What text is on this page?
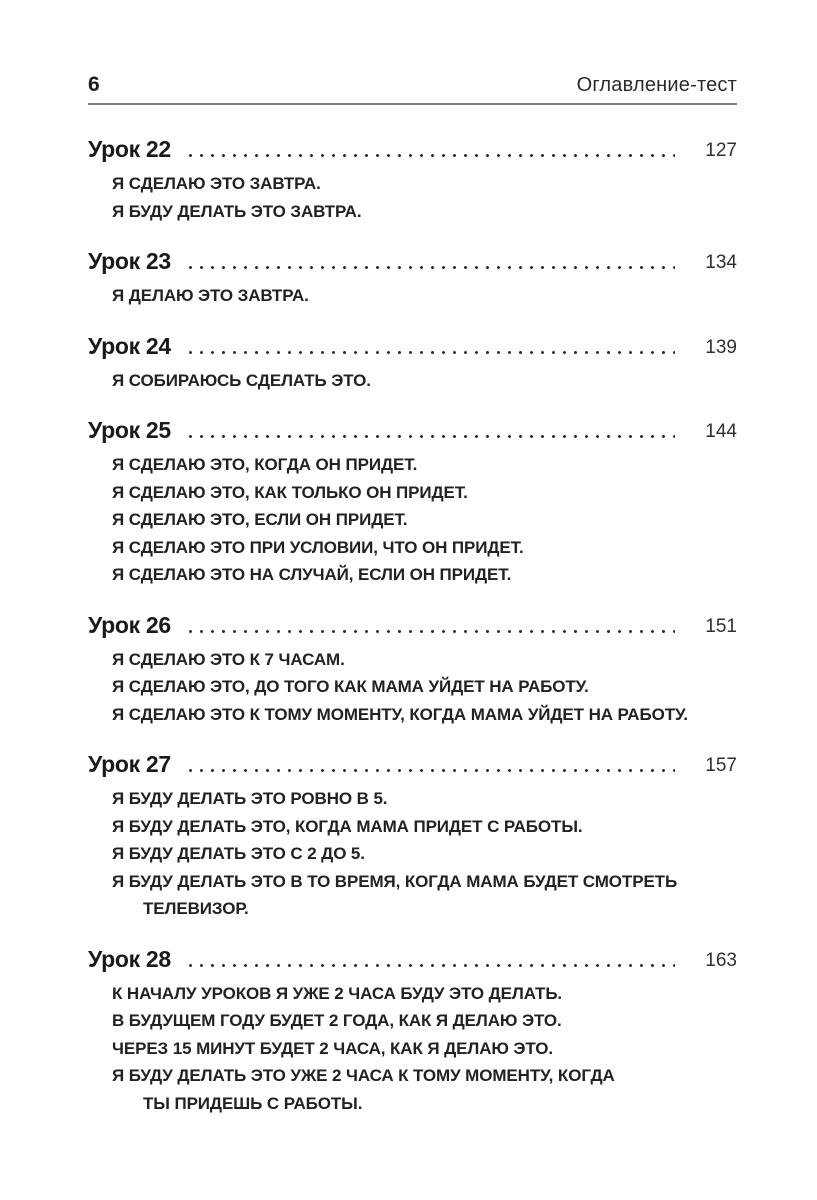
6	Оглавление-тест
Урок 22	127
Я СДЕЛАЮ ЭТО ЗАВТРА.
Я БУДУ ДЕЛАТЬ ЭТО ЗАВТРА.
Урок 23	134
Я ДЕЛАЮ ЭТО ЗАВТРА.
Урок 24	139
Я СОБИРАЮСЬ СДЕЛАТЬ ЭТО.
Урок 25	144
Я СДЕЛАЮ ЭТО, КОГДА ОН ПРИДЕТ.
Я СДЕЛАЮ ЭТО, КАК ТОЛЬКО ОН ПРИДЕТ.
Я СДЕЛАЮ ЭТО, ЕСЛИ ОН ПРИДЕТ.
Я СДЕЛАЮ ЭТО ПРИ УСЛОВИИ, ЧТО ОН ПРИДЕТ.
Я СДЕЛАЮ ЭТО НА СЛУЧАЙ, ЕСЛИ ОН ПРИДЕТ.
Урок 26	151
Я СДЕЛАЮ ЭТО К 7 ЧАСАМ.
Я СДЕЛАЮ ЭТО, ДО ТОГО КАК МАМА УЙДЕТ НА РАБОТУ.
Я СДЕЛАЮ ЭТО К ТОМУ МОМЕНТУ, КОГДА МАМА УЙДЕТ НА РАБОТУ.
Урок 27	157
Я БУДУ ДЕЛАТЬ ЭТО РОВНО В 5.
Я БУДУ ДЕЛАТЬ ЭТО, КОГДА МАМА ПРИДЕТ С РАБОТЫ.
Я БУДУ ДЕЛАТЬ ЭТО С 2 ДО 5.
Я БУДУ ДЕЛАТЬ ЭТО В ТО ВРЕМЯ, КОГДА МАМА БУДЕТ СМОТРЕТЬ
ТЕЛЕВИЗОР.
Урок 28	163
К НАЧАЛУ УРОКОВ Я УЖЕ 2 ЧАСА БУДУ ЭТО ДЕЛАТЬ.
В БУДУЩЕМ ГОДУ БУДЕТ 2 ГОДА, КАК Я ДЕЛАЮ ЭТО.
ЧЕРЕЗ 15 МИНУТ БУДЕТ 2 ЧАСА, КАК Я ДЕЛАЮ ЭТО.
Я БУДУ ДЕЛАТЬ ЭТО УЖЕ 2 ЧАСА К ТОМУ МОМЕНТУ, КОГДА
ТЫ ПРИДЕШЬ С РАБОТЫ.
